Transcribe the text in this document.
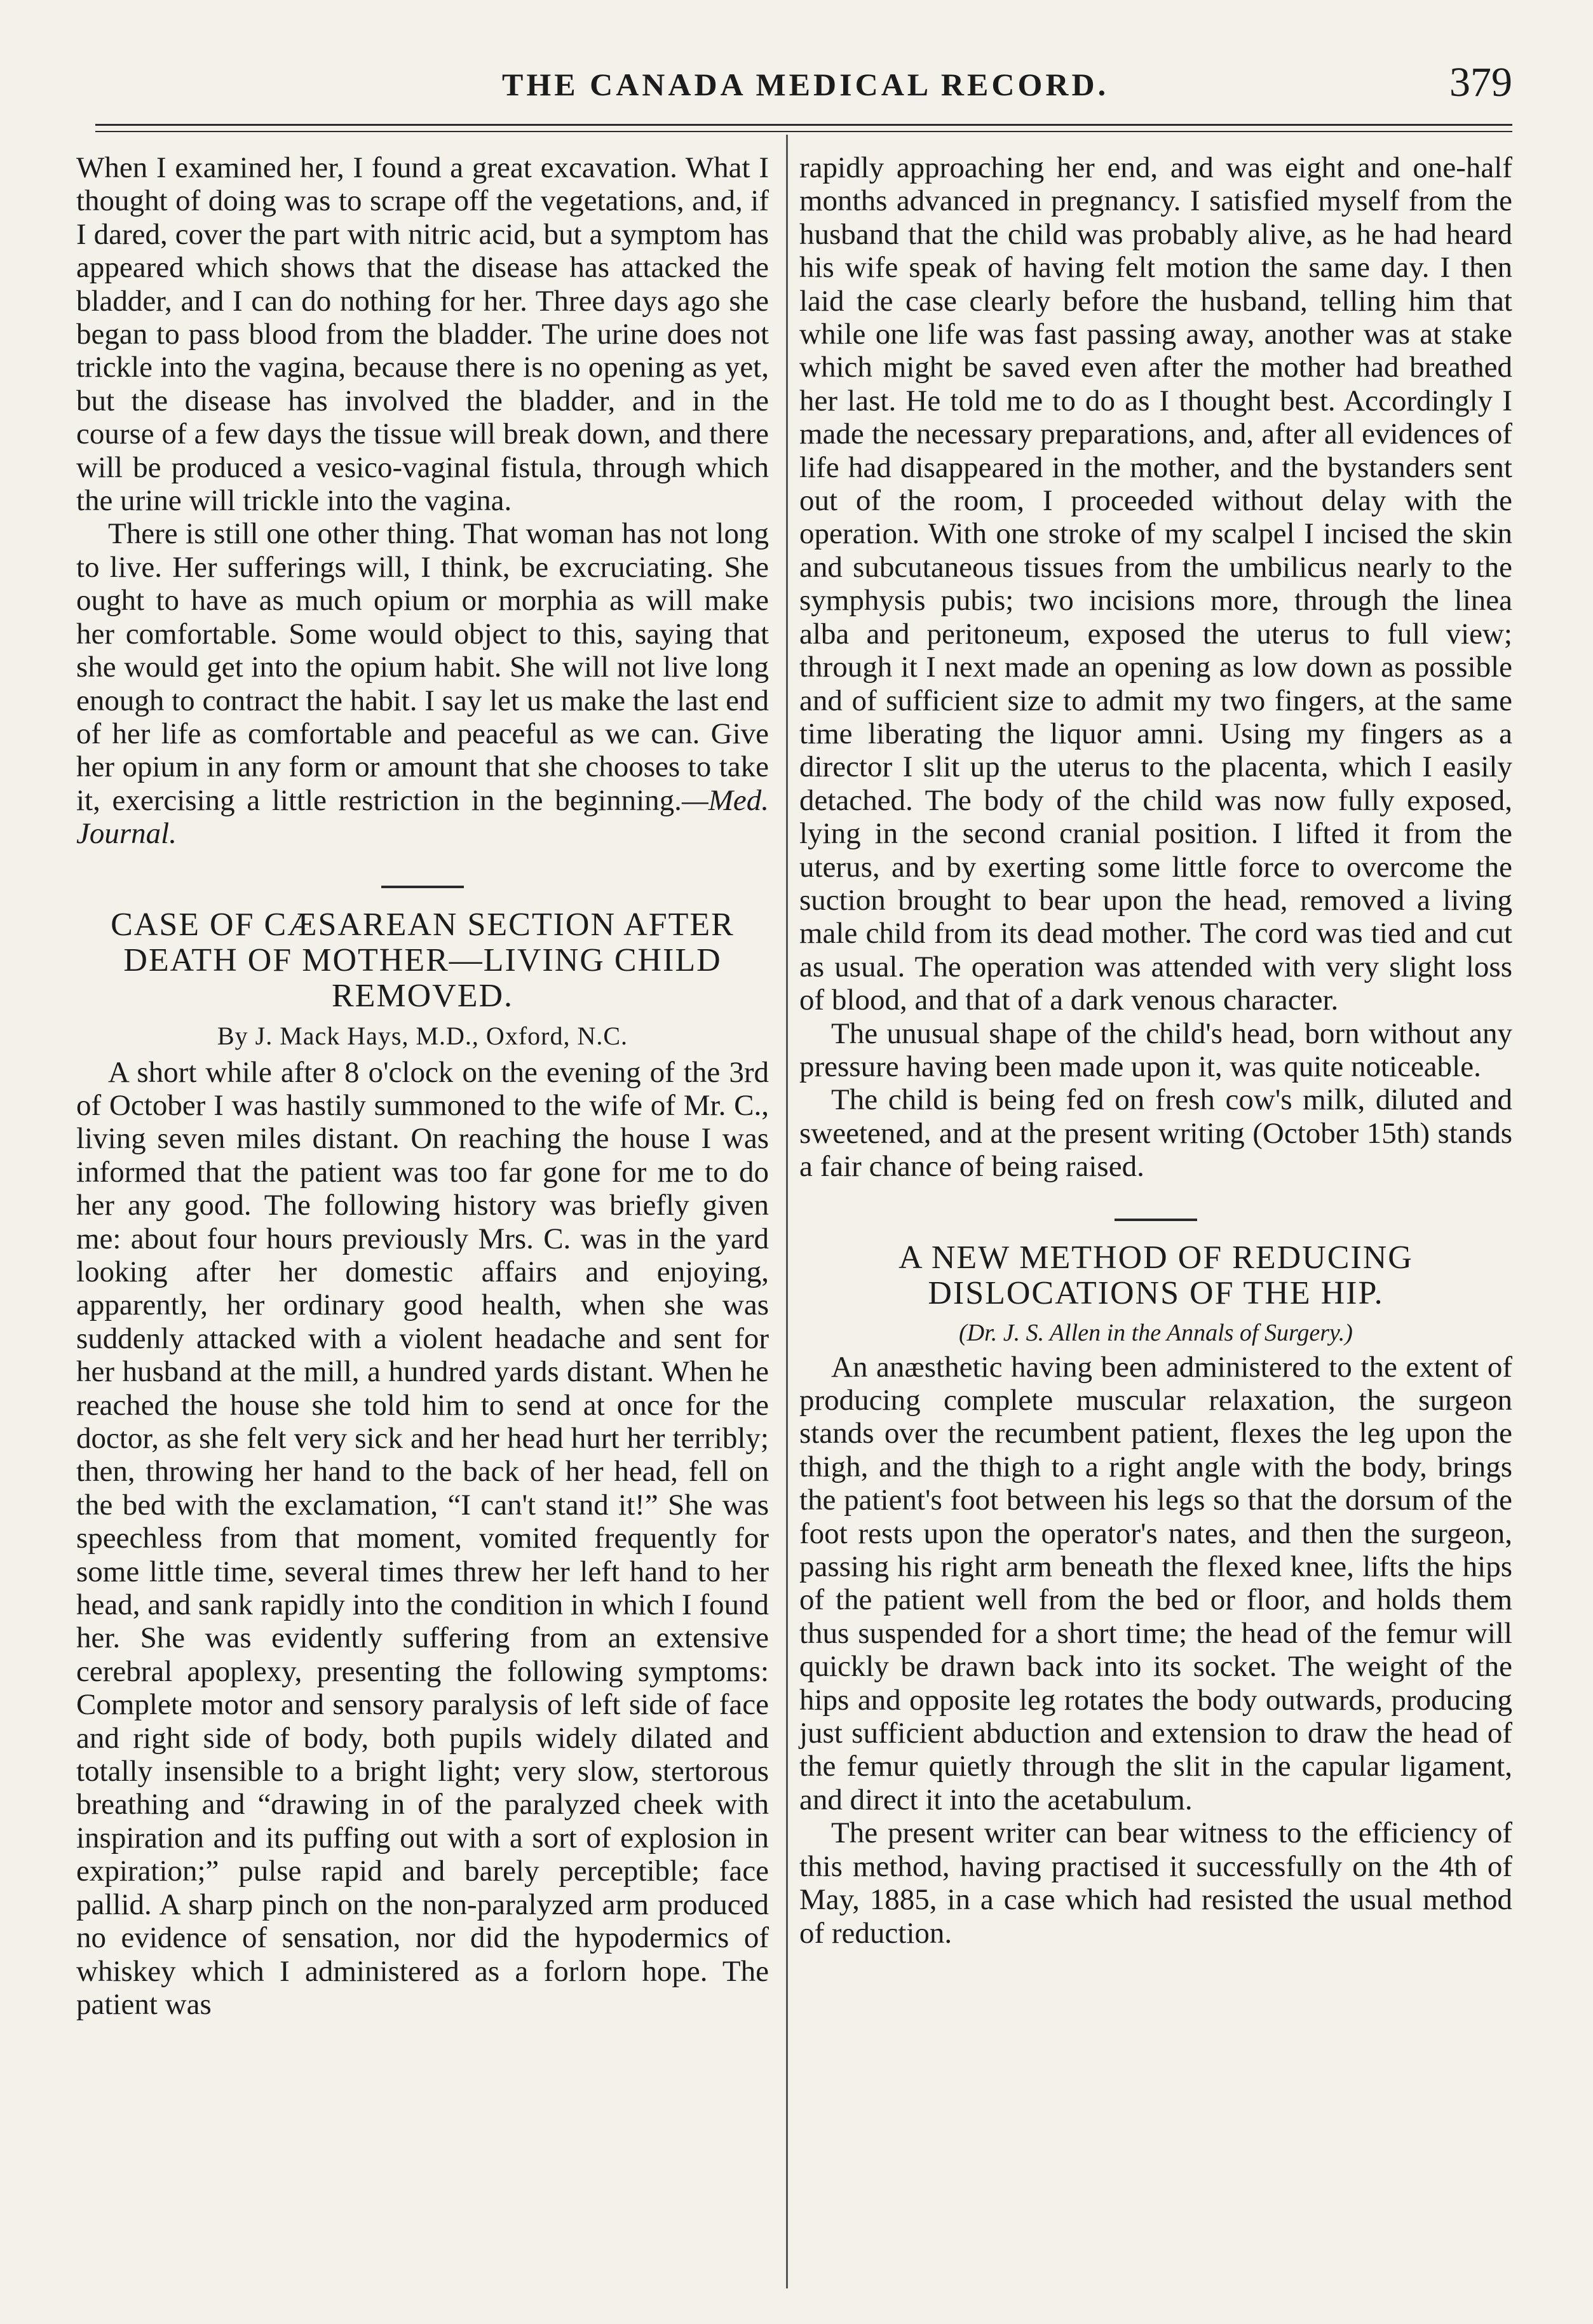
THE CANADA MEDICAL RECORD.	379

When I examined her, I found a great excavation. What I thought of doing was to scrape off the vegetations, and, if I dared, cover the part with nitric acid, but a symptom has appeared which shows that the disease has attacked the bladder, and I can do nothing for her. Three days ago she began to pass blood from the bladder. The urine does not trickle into the vagina, because there is no opening as yet, but the disease has involved the bladder, and in the course of a few days the tissue will break down, and there will be produced a vesico-vaginal fistula, through which the urine will trickle into the vagina.

There is still one other thing. That woman has not long to live. Her sufferings will, I think, be excruciating. She ought to have as much opium or morphia as will make her comfortable. Some would object to this, saying that she would get into the opium habit. She will not live long enough to contract the habit. I say let us make the last end of her life as comfortable and peaceful as we can. Give her opium in any form or amount that she chooses to take it, exercising a little restriction in the beginning.—Med. Journal.

CASE OF CÆSAREAN SECTION AFTER DEATH OF MOTHER—LIVING CHILD REMOVED.
By J. Mack Hays, M.D., Oxford, N.C.

A short while after 8 o'clock on the evening of the 3rd of October I was hastily summoned to the wife of Mr. C., living seven miles distant. On reaching the house I was informed that the patient was too far gone for me to do her any good. The following history was briefly given me: about four hours previously Mrs. C. was in the yard looking after her domestic affairs and enjoying, apparently, her ordinary good health, when she was suddenly attacked with a violent headache and sent for her husband at the mill, a hundred yards distant. When he reached the house she told him to send at once for the doctor, as she felt very sick and her head hurt her terribly; then, throwing her hand to the back of her head, fell on the bed with the exclamation, “I can't stand it!” She was speechless from that moment, vomited frequently for some little time, several times threw her left hand to her head, and sank rapidly into the condition in which I found her. She was evidently suffering from an extensive cerebral apoplexy, presenting the following symptoms: Complete motor and sensory paralysis of left side of face and right side of body, both pupils widely dilated and totally insensible to a bright light; very slow, stertorous breathing and “drawing in of the paralyzed cheek with inspiration and its puffing out with a sort of explosion in expiration;” pulse rapid and barely perceptible; face pallid. A sharp pinch on the non-paralyzed arm produced no evidence of sensation, nor did the hypodermics of whiskey which I administered as a forlorn hope. The patient was

rapidly approaching her end, and was eight and one-half months advanced in pregnancy. I satisfied myself from the husband that the child was probably alive, as he had heard his wife speak of having felt motion the same day. I then laid the case clearly before the husband, telling him that while one life was fast passing away, another was at stake which might be saved even after the mother had breathed her last. He told me to do as I thought best. Accordingly I made the necessary preparations, and, after all evidences of life had disappeared in the mother, and the bystanders sent out of the room, I proceeded without delay with the operation. With one stroke of my scalpel I incised the skin and subcutaneous tissues from the umbilicus nearly to the symphysis pubis; two incisions more, through the linea alba and peritoneum, exposed the uterus to full view; through it I next made an opening as low down as possible and of sufficient size to admit my two fingers, at the same time liberating the liquor amni. Using my fingers as a director I slit up the uterus to the placenta, which I easily detached. The body of the child was now fully exposed, lying in the second cranial position. I lifted it from the uterus, and by exerting some little force to overcome the suction brought to bear upon the head, removed a living male child from its dead mother. The cord was tied and cut as usual. The operation was attended with very slight loss of blood, and that of a dark venous character.

The unusual shape of the child's head, born without any pressure having been made upon it, was quite noticeable.

The child is being fed on fresh cow's milk, diluted and sweetened, and at the present writing (October 15th) stands a fair chance of being raised.

A NEW METHOD OF REDUCING DISLOCATIONS OF THE HIP.
(Dr. J. S. Allen in the Annals of Surgery.)

An anæsthetic having been administered to the extent of producing complete muscular relaxation, the surgeon stands over the recumbent patient, flexes the leg upon the thigh, and the thigh to a right angle with the body, brings the patient's foot between his legs so that the dorsum of the foot rests upon the operator's nates, and then the surgeon, passing his right arm beneath the flexed knee, lifts the hips of the patient well from the bed or floor, and holds them thus suspended for a short time; the head of the femur will quickly be drawn back into its socket. The weight of the hips and opposite leg rotates the body outwards, producing just sufficient abduction and extension to draw the head of the femur quietly through the slit in the capular ligament, and direct it into the acetabulum.

The present writer can bear witness to the efficiency of this method, having practised it successfully on the 4th of May, 1885, in a case which had resisted the usual method of reduction.
